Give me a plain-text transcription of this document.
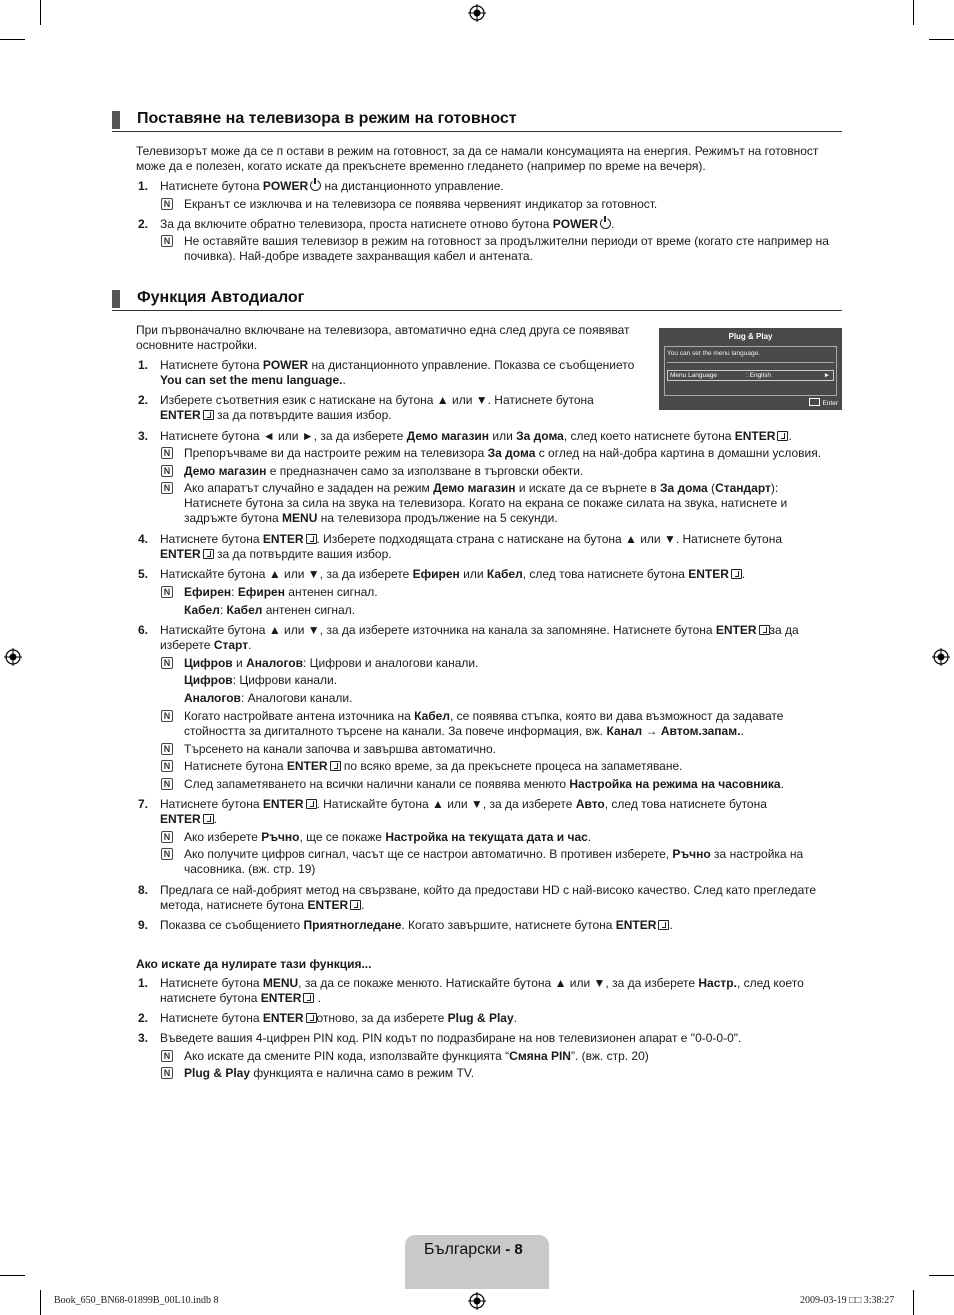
Поставяне на телевизора в режим на готовност
Телевизорът може да се п остави в режим на готовност, за да се намали консумацията на енергия. Режимът на готовност
може да е полезен, когато искате да прекъснете временно гледането (например по време на вечеря).
1. Натиснете бутона POWER на дистанционното управление.
N Екранът се изключва и на телевизора се появява червеният индикатор за готовност.
2. За да включите обратно телевизора, проста натиснете отново бутона POWER .
N Не оставяйте вашия телевизор в режим на готовност за продължителни периоди от време (когато сте например на
почивка). Най-добре извадете захранващия кабел и антената.
Функция Автодиалог
При първоначално включване на телевизора, автоматично една след друга се появяват
основните настройки.
Plug & Play
You can set the menu language.
Menu Language	: English	►
Enter
1. Натиснете бутона POWER на дистанционното управление. Показва се съобщението
You can set the menu language..
2. Изберете съответния език с натискане на бутона ▲ или ▼. Натиснете бутона
ENTER за да потвърдите вашия избор.
3. Натиснете бутона ◄ или ►, за да изберете Демо магазин или За дома, след което натиснете бутона ENTER .
N Препоръчваме ви да настроите режим на телевизора За дома с оглед на най-добра картина в домашни условия.
N Демо магазин е предназначен само за използване в търговски обекти.
N Ако апаратът случайно е зададен на режим Демо магазин и искате да се върнете в За дома (Стандарт):
Натиснете бутона за сила на звука на телевизора. Когато на екрана се покаже силата на звука, натиснете и
задръжте бутона MENU на телевизора продължение на 5 секунди.
4. Натиснете бутона ENTER . Изберете подходящата страна с натискане на бутона ▲ или ▼. Натиснете бутона
ENTER за да потвърдите вашия избор.
5. Натискайте бутона ▲ или ▼, за да изберете Ефирен или Кабел, след това натиснете бутона ENTER .
N Ефирен: Ефирен антенен сигнал.
Кабел: Кабел антенен сигнал.
6. Натискайте бутона ▲ или ▼, за да изберете източника на канала за запомняне. Натиснете бутона ENTER за да
изберете Старт.
N Цифров и Аналогов: Цифрови и аналогови канали.
Цифров: Цифрови канали.
Аналогов: Аналогови канали.
N Когато настройвате антена източника на Кабел, се появява стъпка, която ви дава възможност да задавате
стойността за дигиталното търсене на канали. За повече информация, вж. Канал → Автом.запам..
N Търсенето на канали започва и завършва автоматично.
N Натиснете бутона ENTER по всяко време, за да прекъснете процеса на запаметяване.
N След запаметяването на всички налични канали се появява менюто Настройка на режима на часовника.
7. Натиснете бутона ENTER . Натискайте бутона ▲ или ▼, за да изберете Авто, след това натиснете бутона
ENTER .
N Ако изберете Ръчно, ще се покаже Настройка на текущата дата и час.
N Ако получите цифров сигнал, часът ще се настрои автоматично. В противен изберете, Ръчно за настройка на
часовника. (вж. стр. 19)
8. Предлага се най-добрият метод на свързване, който да предостави HD с най-високо качество. След като прегледате
метода, натиснете бутона ENTER .
9. Показва се съобщението Приятногледане. Когато завършите, натиснете бутона ENTER .
Ако искате да нулирате тази функция...
1. Натиснете бутона MENU, за да се покаже менюто. Натискайте бутона ▲ или ▼, за да изберете Настр., след което
натиснете бутона ENTER .
2. Натиснете бутона ENTER отново, за да изберете Plug & Play.
3. Въведете вашия 4-цифрен PIN код. PIN кодът по подразбиране на нов телевизионен апарат е "0-0-0-0".
N Ако искате да смените PIN кода, използвайте функцията “Смяна PIN”. (вж. стр. 20)
N Plug & Play функцията е налична само в режим TV.
Български - 8
Book_650_BN68-01899B_00L10.indb 8	2009-03-19 □□ 3:38:27
